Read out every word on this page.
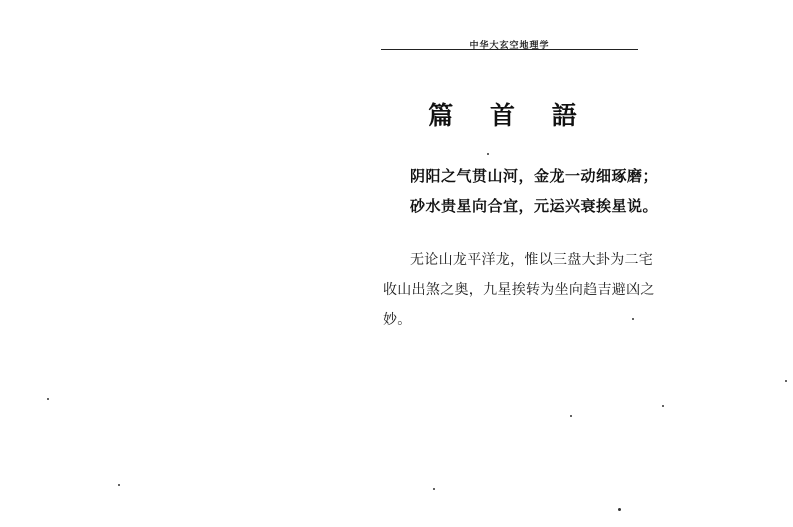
中华大玄空地理学
篇 首 語
阴阳之气贯山河，金龙一动细琢磨；
砂水贵星向合宜，元运兴衰挨星说。
无论山龙平洋龙，惟以三盘大卦为二宅
收山出煞之奥，九星挨转为坐向趋吉避凶之
妙。
